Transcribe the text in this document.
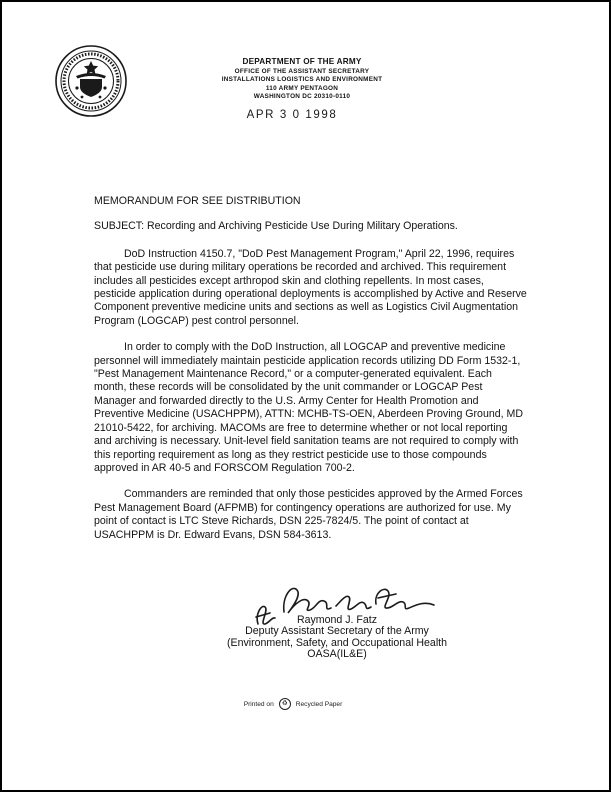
DEPARTMENT OF THE ARMY
OFFICE OF THE ASSISTANT SECRETARY
INSTALLATIONS LOGISTICS AND ENVIRONMENT
110 ARMY PENTAGON
WASHINGTON DC 20310-0110
APR 3 0 1998

MEMORANDUM FOR SEE DISTRIBUTION

SUBJECT: Recording and Archiving Pesticide Use During Military Operations.

DoD Instruction 4150.7, "DoD Pest Management Program," April 22, 1996, requires that pesticide use during military operations be recorded and archived. This requirement includes all pesticides except arthropod skin and clothing repellents. In most cases, pesticide application during operational deployments is accomplished by Active and Reserve Component preventive medicine units and sections as well as Logistics Civil Augmentation Program (LOGCAP) pest control personnel.

In order to comply with the DoD Instruction, all LOGCAP and preventive medicine personnel will immediately maintain pesticide application records utilizing DD Form 1532-1, "Pest Management Maintenance Record," or a computer-generated equivalent. Each month, these records will be consolidated by the unit commander or LOGCAP Pest Manager and forwarded directly to the U.S. Army Center for Health Promotion and Preventive Medicine (USACHPPM), ATTN: MCHB-TS-OEN, Aberdeen Proving Ground, MD 21010-5422, for archiving. MACOMs are free to determine whether or not local reporting and archiving is necessary. Unit-level field sanitation teams are not required to comply with this reporting requirement as long as they restrict pesticide use to those compounds approved in AR 40-5 and FORSCOM Regulation 700-2.

Commanders are reminded that only those pesticides approved by the Armed Forces Pest Management Board (AFPMB) for contingency operations are authorized for use. My point of contact is LTC Steve Richards, DSN 225-7824/5. The point of contact at USACHPPM is Dr. Edward Evans, DSN 584-3613.

Raymond J. Fatz
Deputy Assistant Secretary of the Army
(Environment, Safety, and Occupational Health
OASA(IL&E)
Printed on	♻	Recycled Paper
